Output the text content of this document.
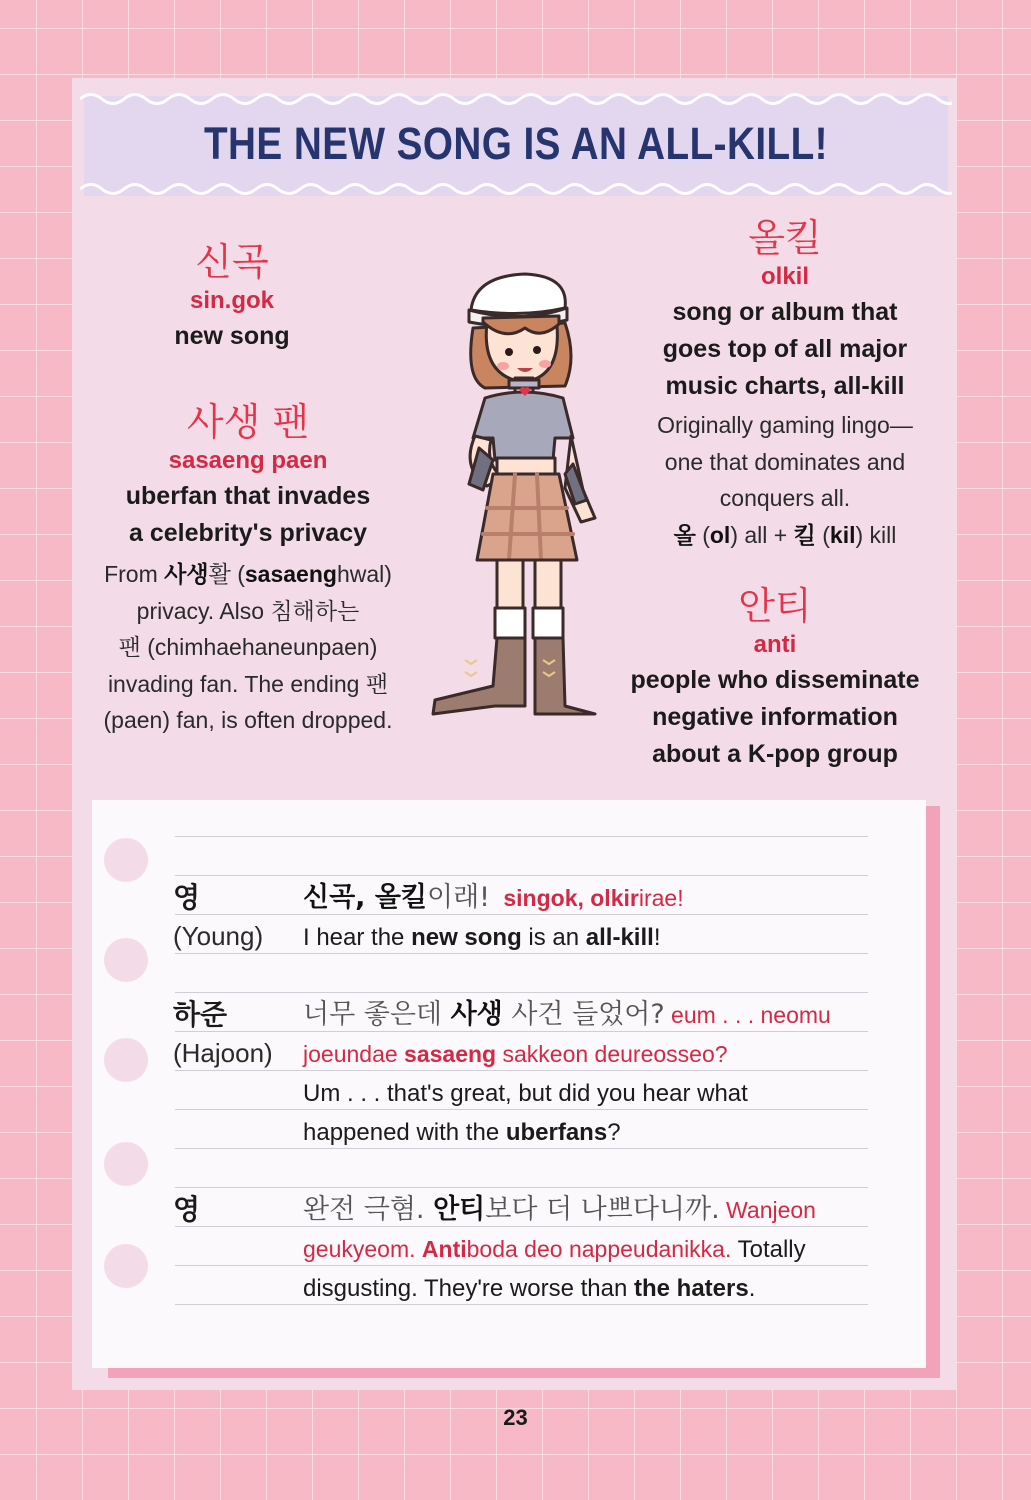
THE NEW SONG IS AN ALL-KILL!
신곡
sin.gok
new song
사생 팬
sasaeng paen
uberfan that invades
a celebrity's privacy
From 사생활 (sasaenghwal)
privacy. Also 침해하는
팬 (chimhaehaneunpaen)
invading fan. The ending 팬
(paen) fan, is often dropped.
올킬
olkil
song or album that
goes top of all major
music charts, all-kill
Originally gaming lingo—
one that dominates and
conquers all.
올 (ol) all + 킬 (kil) kill
안티
anti
people who disseminate
negative information
about a K-pop group
영
(Young)
신곡, 올킬이래! singok, olkirirae!
I hear the new song is an all-kill!
하준
(Hajoon)
너무 좋은데 사생 사건 들었어? eum . . . neomu
joeundae sasaeng sakkeon deureosseo?
Um . . . that's great, but did you hear what
happened with the uberfans?
영	완전 극혐. 안티보다 더 나쁘다니까. Wanjeon
geukyeom. Antiboda deo nappeudanikka. Totally
disgusting. They're worse than the haters.
23
